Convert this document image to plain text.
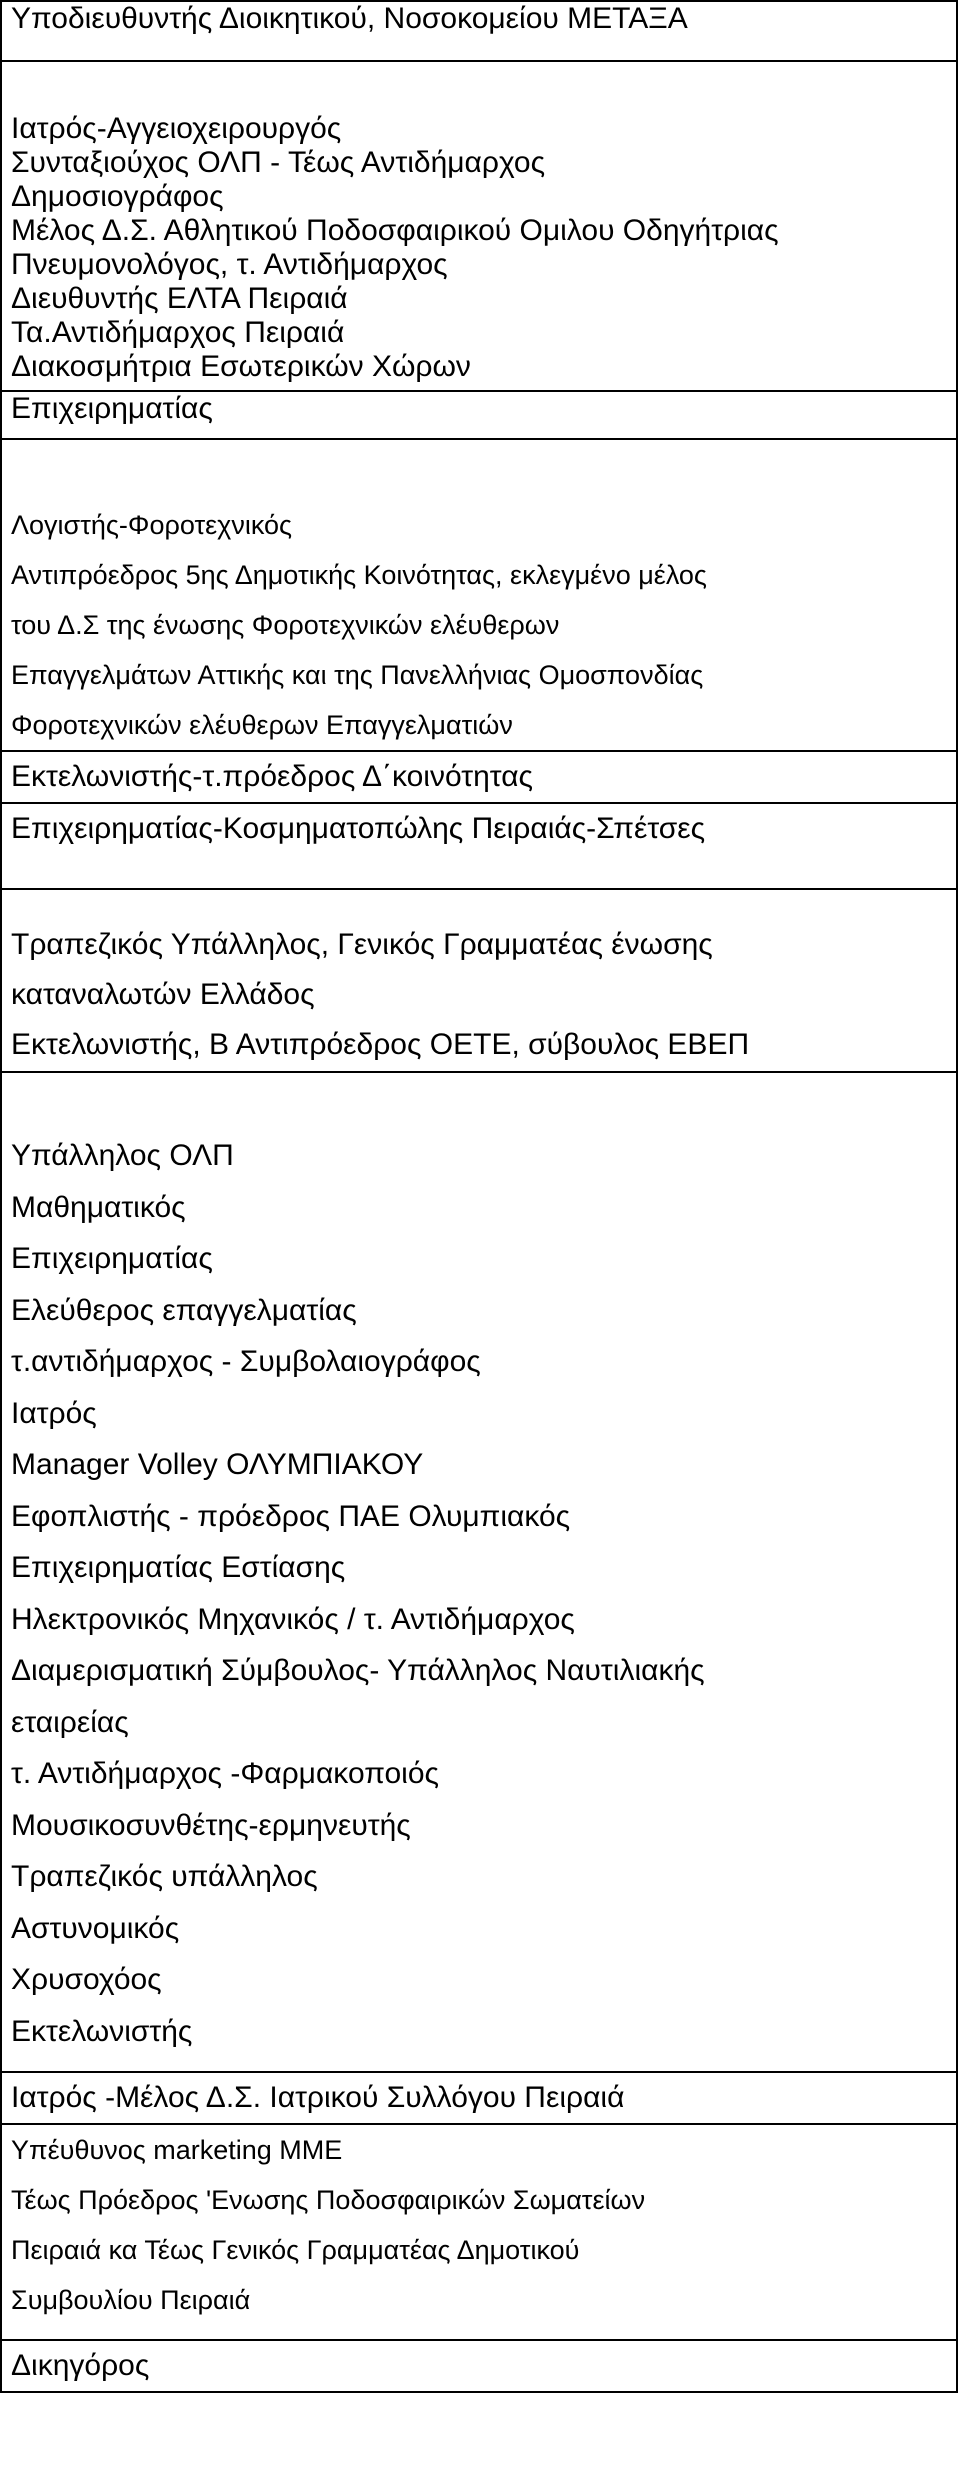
Υποδιευθυντής Διοικητικού, Νοσοκομείου ΜΕΤΑΞΑ

Ιατρός-Αγγειοχειρουργός
Συνταξιούχος ΟΛΠ - Τέως Αντιδήμαρχος
Δημοσιογράφος
Μέλος Δ.Σ. Αθλητικού Ποδοσφαιρικού Ομιλου Οδηγήτριας
Πνευμονολόγος, τ. Αντιδήμαρχος
Διευθυντής ΕΛΤΑ Πειραιά
Τα.Αντιδήμαρχος Πειραιά
Διακοσμήτρια Εσωτερικών Χώρων

Επιχειρηματίας

Λογιστής-Φοροτεχνικός
Αντιπρόεδρος 5ης Δημοτικής Κοινότητας, εκλεγμένο μέλος
του Δ.Σ της ένωσης Φοροτεχνικών ελέυθερων
Επαγγελμάτων Αττικής και της Πανελλήνιας Ομοσπονδίας
Φοροτεχνικών ελέυθερων Επαγγελματιών

Εκτελωνιστής-τ.πρόεδρος Δ΄κοινότητας

Επιχειρηματίας-Κοσμηματοπώλης Πειραιάς-Σπέτσες

Τραπεζικός Υπάλληλος, Γενικός Γραμματέας ένωσης
καταναλωτών Ελλάδος
Εκτελωνιστής, Β Αντιπρόεδρος ΟΕΤΕ, σύβουλος ΕΒΕΠ

Υπάλληλος ΟΛΠ
Μαθηματικός
Επιχειρηματίας
Ελεύθερος επαγγελματίας
τ.αντιδήμαρχος - Συμβολαιογράφος
Ιατρός
Manager Volley ΟΛΥΜΠΙΑΚΟΥ
Εφοπλιστής - πρόεδρος ΠΑΕ Ολυμπιακός
Επιχειρηματίας Εστίασης
Ηλεκτρονικός Μηχανικός / τ. Αντιδήμαρχος
Διαμερισματική Σύμβουλος- Υπάλληλος Ναυτιλιακής
εταιρείας
τ. Αντιδήμαρχος -Φαρμακοποιός
Μουσικοσυνθέτης-ερμηνευτής
Τραπεζικός υπάλληλος
Αστυνομικός
Χρυσοχόος
Εκτελωνιστής

Ιατρός -Μέλος Δ.Σ. Ιατρικού Συλλόγου Πειραιά

Υπέυθυνος marketing ΜΜΕ
Τέως Πρόεδρος 'Ενωσης Ποδοσφαιρικών Σωματείων
Πειραιά κα Τέως Γενικός Γραμματέας Δημοτικού
Συμβουλίου Πειραιά

Δικηγόρος
